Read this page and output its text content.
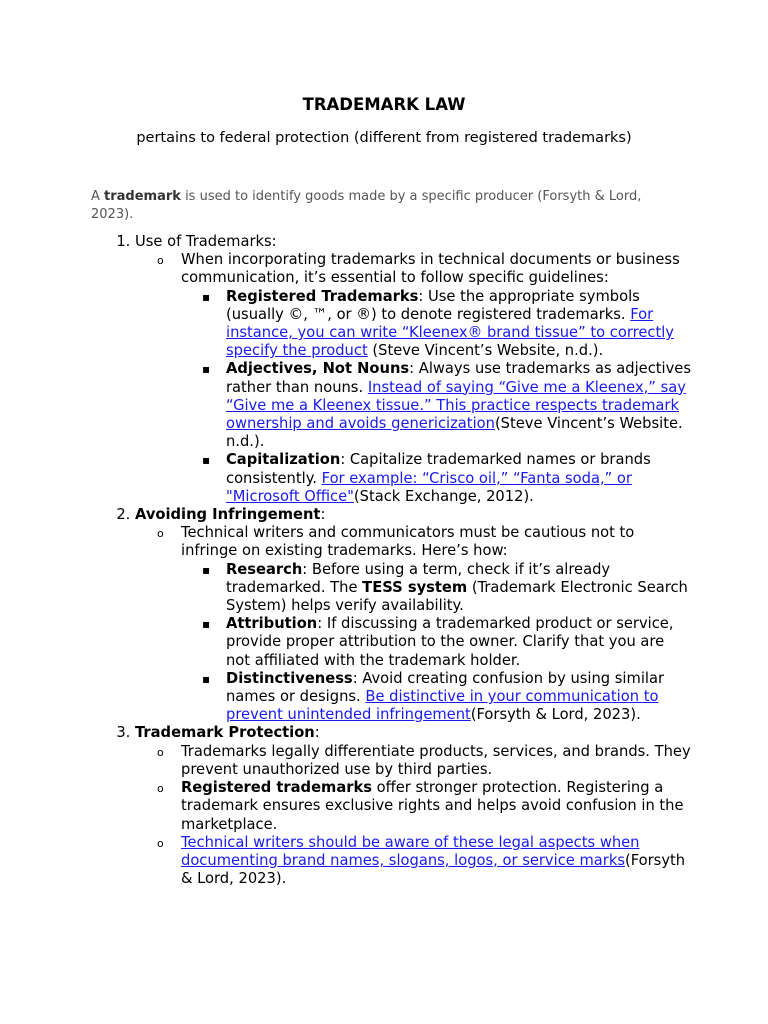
TRADEMARK LAW
pertains to federal protection (different from registered trademarks)
A trademark is used to identify goods made by a specific producer (Forsyth & Lord, 2023).
1. Use of Trademarks:
o When incorporating trademarks in technical documents or business communication, it’s essential to follow specific guidelines:
▪ Registered Trademarks: Use the appropriate symbols (usually ©, ™, or ®) to denote registered trademarks. For instance, you can write “Kleenex® brand tissue” to correctly specify the product (Steve Vincent’s Website, n.d.).
▪ Adjectives, Not Nouns: Always use trademarks as adjectives rather than nouns. Instead of saying “Give me a Kleenex,” say “Give me a Kleenex tissue.” This practice respects trademark ownership and avoids genericization(Steve Vincent’s Website. n.d.).
▪ Capitalization: Capitalize trademarked names or brands consistently. For example: “Crisco oil,” “Fanta soda,” or "Microsoft Office"(Stack Exchange, 2012).
2. Avoiding Infringement:
o Technical writers and communicators must be cautious not to infringe on existing trademarks. Here’s how:
▪ Research: Before using a term, check if it’s already trademarked. The TESS system (Trademark Electronic Search System) helps verify availability.
▪ Attribution: If discussing a trademarked product or service, provide proper attribution to the owner. Clarify that you are not affiliated with the trademark holder.
▪ Distinctiveness: Avoid creating confusion by using similar names or designs. Be distinctive in your communication to prevent unintended infringement(Forsyth & Lord, 2023).
3. Trademark Protection:
o Trademarks legally differentiate products, services, and brands. They prevent unauthorized use by third parties.
o Registered trademarks offer stronger protection. Registering a trademark ensures exclusive rights and helps avoid confusion in the marketplace.
o Technical writers should be aware of these legal aspects when documenting brand names, slogans, logos, or service marks(Forsyth & Lord, 2023).
